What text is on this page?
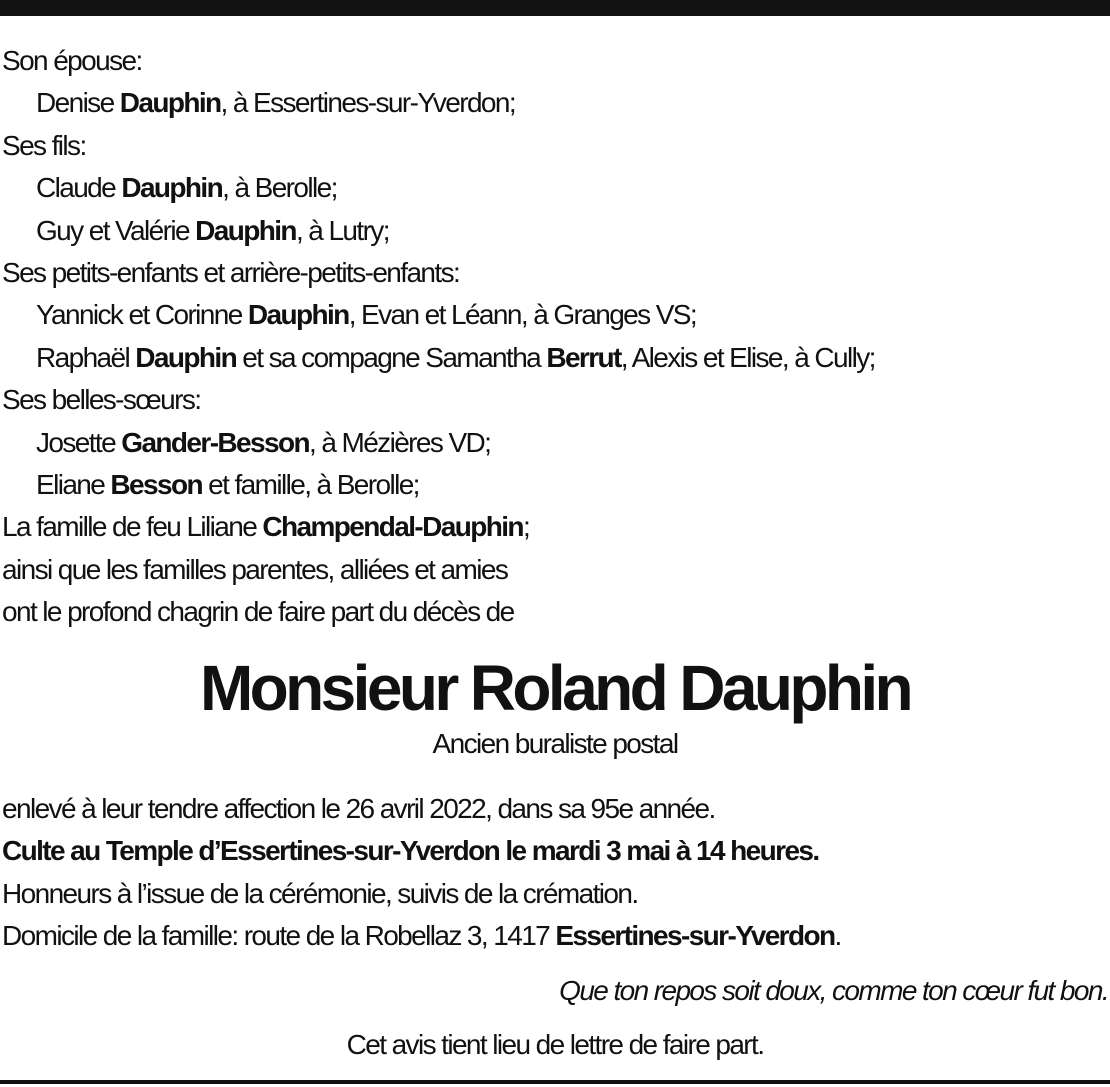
Son épouse:
Denise Dauphin, à Essertines-sur-Yverdon;
Ses fils:
Claude Dauphin, à Berolle;
Guy et Valérie Dauphin, à Lutry;
Ses petits-enfants et arrière-petits-enfants:
Yannick et Corinne Dauphin, Evan et Léann, à Granges VS;
Raphaël Dauphin et sa compagne Samantha Berrut, Alexis et Elise, à Cully;
Ses belles-sœurs:
Josette Gander-Besson, à Mézières VD;
Eliane Besson et famille, à Berolle;
La famille de feu Liliane Champendal-Dauphin;
ainsi que les familles parentes, alliées et amies
ont le profond chagrin de faire part du décès de
Monsieur Roland Dauphin
Ancien buraliste postal
enlevé à leur tendre affection le 26 avril 2022, dans sa 95e année.
Culte au Temple d’Essertines-sur-Yverdon le mardi 3 mai à 14 heures.
Honneurs à l’issue de la cérémonie, suivis de la crémation.
Domicile de la famille: route de la Robellaz 3, 1417 Essertines-sur-Yverdon.
Que ton repos soit doux, comme ton cœur fut bon.
Cet avis tient lieu de lettre de faire part.
